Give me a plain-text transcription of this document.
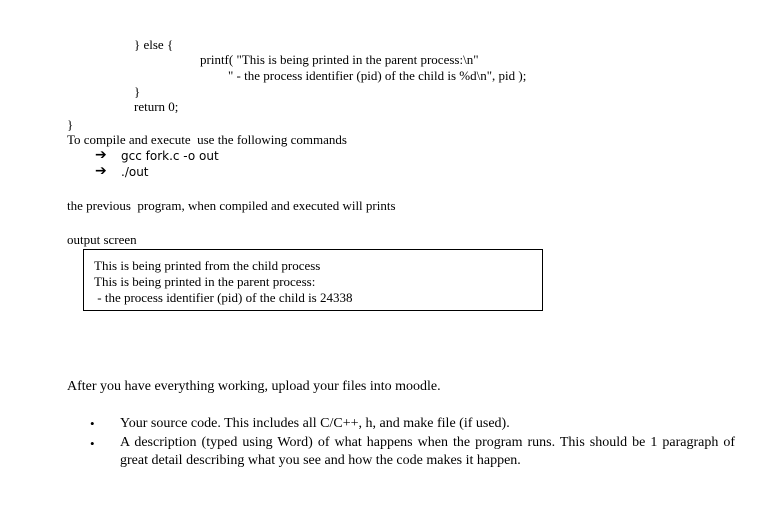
} else {
printf( "This is being printed in the parent process:\n"
" - the process identifier (pid) of the child is %d\n", pid );
}
return 0;
}
To compile and execute  use the following commands
➔ gcc fork.c -o out
➔ ./out
the previous  program, when compiled and executed will prints
output screen
This is being printed from the child process
This is being printed in the parent process:
- the process identifier (pid) of the child is 24338
After you have everything working, upload your files into moodle.
• Your source code. This includes all C/C++, h, and make file (if used).
• A description (typed using Word) of what happens when the program runs. This should be 1 paragraph of great detail describing what you see and how the code makes it happen.
